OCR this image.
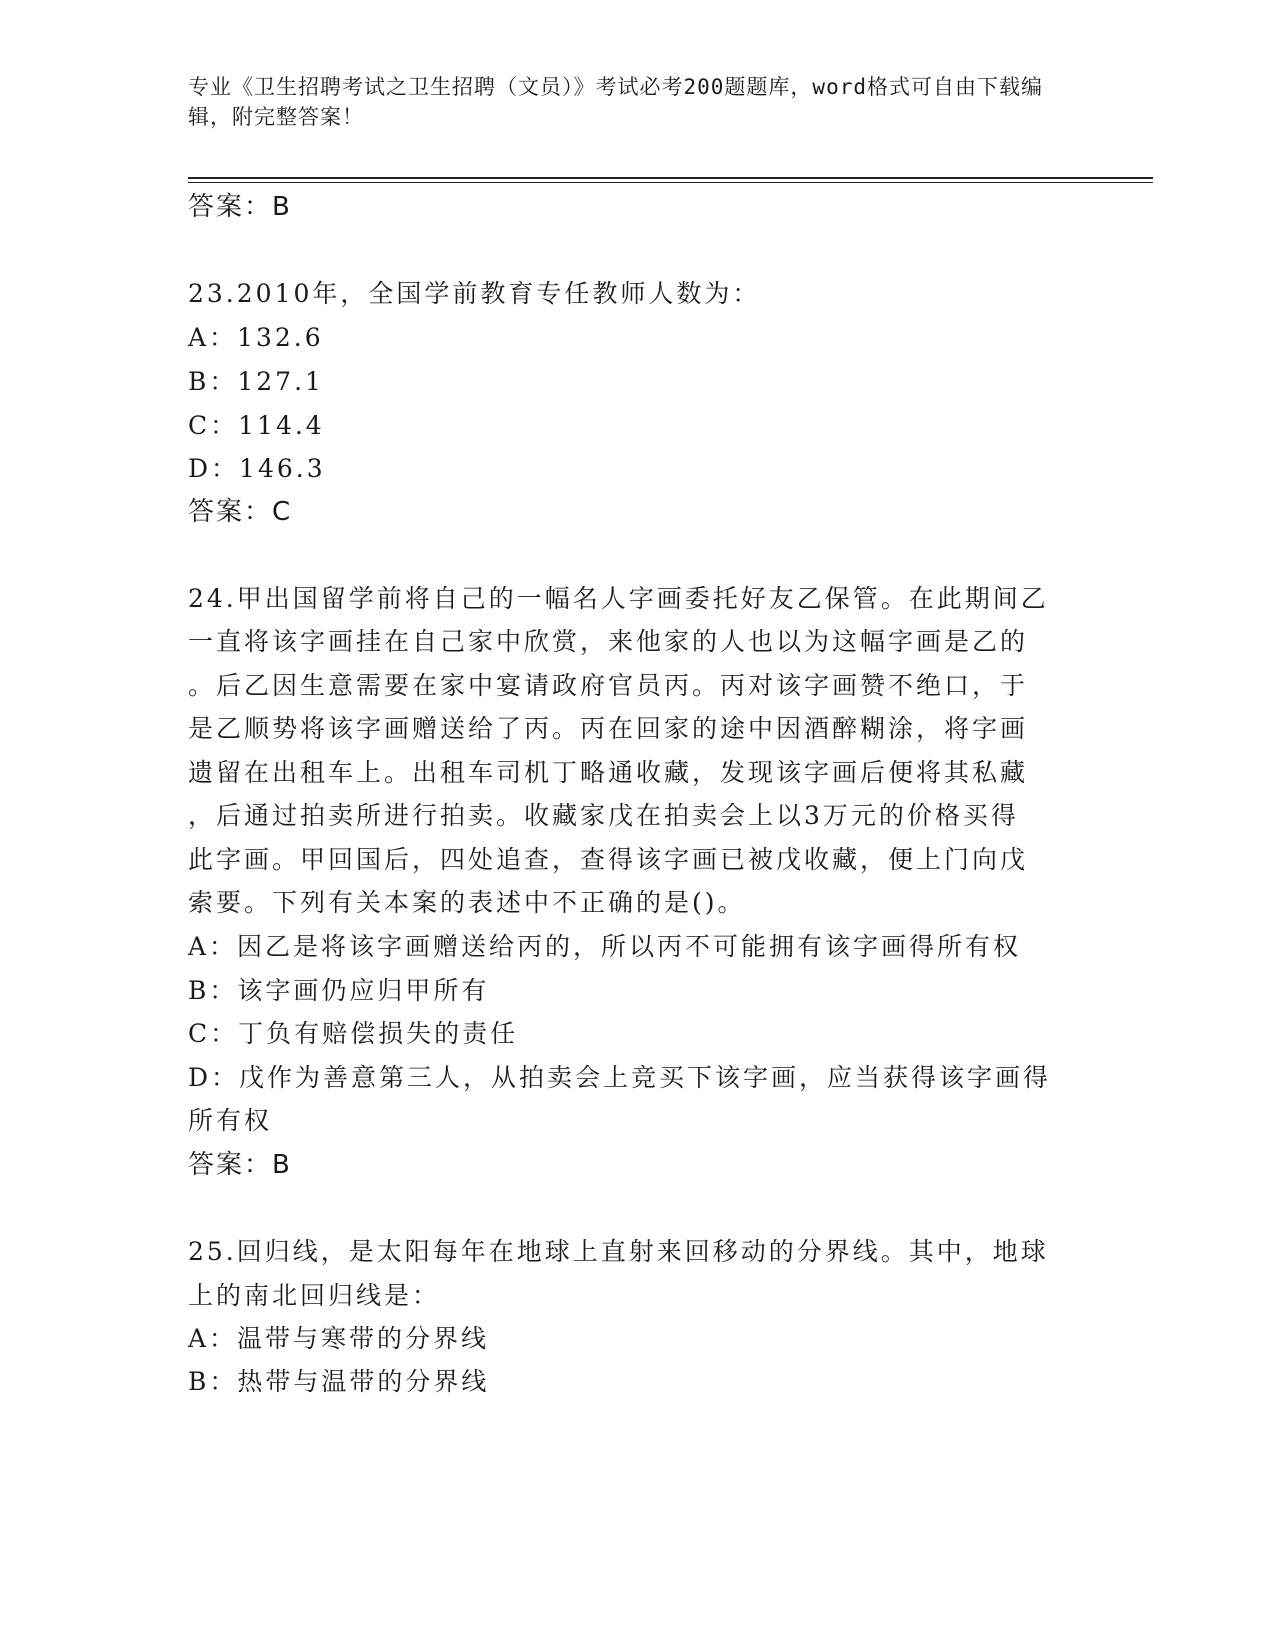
专业《卫生招聘考试之卫生招聘（文员）》考试必考200题题库，word格式可自由下载编辑，附完整答案！
答案：B
23.2010年，全国学前教育专任教师人数为：
A：132.6
B：127.1
C：114.4
D：146.3
答案：C
24.甲出国留学前将自己的一幅名人字画委托好友乙保管。在此期间乙
一直将该字画挂在自己家中欣赏，来他家的人也以为这幅字画是乙的
。后乙因生意需要在家中宴请政府官员丙。丙对该字画赞不绝口，于
是乙顺势将该字画赠送给了丙。丙在回家的途中因酒醉糊涂，将字画
遗留在出租车上。出租车司机丁略通收藏，发现该字画后便将其私藏
，后通过拍卖所进行拍卖。收藏家戊在拍卖会上以3万元的价格买得
此字画。甲回国后，四处追查，查得该字画已被戊收藏，便上门向戊
索要。下列有关本案的表述中不正确的是()。
A：因乙是将该字画赠送给丙的，所以丙不可能拥有该字画得所有权
B：该字画仍应归甲所有
C：丁负有赔偿损失的责任
D：戊作为善意第三人，从拍卖会上竞买下该字画，应当获得该字画得
所有权
答案：B
25.回归线，是太阳每年在地球上直射来回移动的分界线。其中，地球
上的南北回归线是：
A：温带与寒带的分界线
B：热带与温带的分界线
